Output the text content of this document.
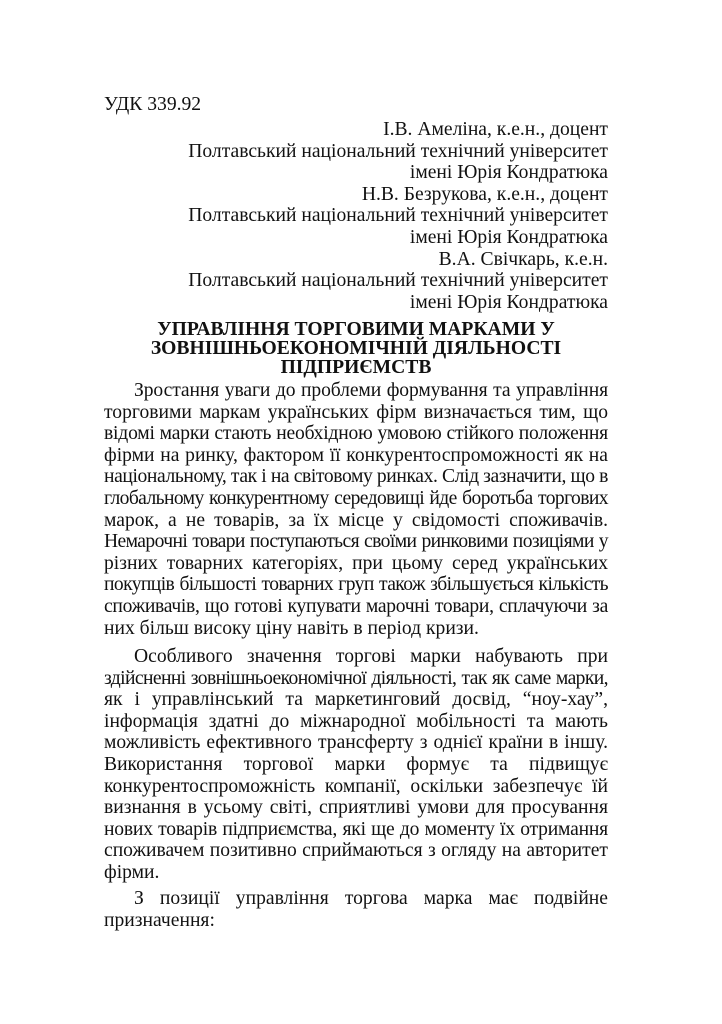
УДК 339.92
І.В. Амеліна, к.е.н., доцент
Полтавський національний технічний університет
імені Юрія Кондратюка
Н.В. Безрукова, к.е.н., доцент
Полтавський національний технічний університет
імені Юрія Кондратюка
В.А. Свічкарь, к.е.н.
Полтавський національний технічний університет
імені Юрія Кондратюка
УПРАВЛІННЯ ТОРГОВИМИ МАРКАМИ У
ЗОВНІШНЬОЕКОНОМІЧНІЙ ДІЯЛЬНОСТІ
ПІДПРИЄМСТВ
Зростання уваги до проблеми формування та управління
торговими маркам українських фірм визначається тим, що
відомі марки стають необхідною умовою стійкого положення
фірми на ринку, фактором її конкурентоспроможності як на
національному, так і на світовому ринках. Слід зазначити, що в
глобальному конкурентному середовищі йде боротьба торгових
марок, а не товарів, за їх місце у свідомості споживачів.
Немарочні товари поступаються своїми ринковими позиціями у
різних товарних категоріях, при цьому серед українських
покупців більшості товарних груп також збільшується кількість
споживачів, що готові купувати марочні товари, сплачуючи за
них більш високу ціну навіть в період кризи.
Особливого значення торгові марки набувають при
здійсненні зовнішньоекономічної діяльності, так як саме марки,
як і управлінський та маркетинговий досвід, “ноу-хау”,
інформація здатні до міжнародної мобільності та мають
можливість ефективного трансферту з однієї країни в іншу.
Використання торгової марки формує та підвищує
конкурентоспроможність компанії, оскільки забезпечує їй
визнання в усьому світі, сприятливі умови для просування
нових товарів підприємства, які ще до моменту їх отримання
споживачем позитивно сприймаються з огляду на авторитет
фірми.
З позиції управління торгова марка має подвійне
призначення:
